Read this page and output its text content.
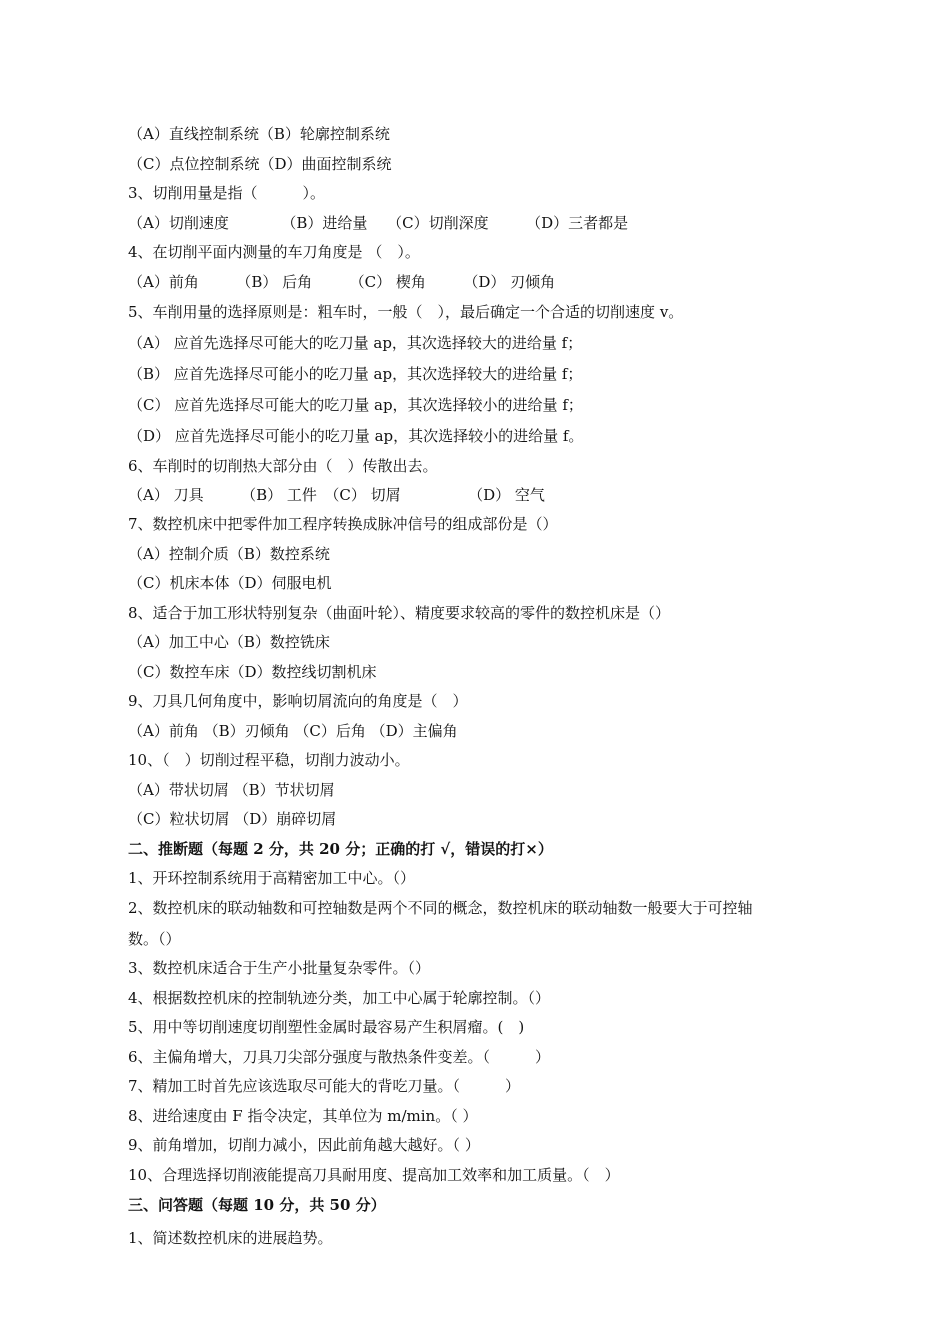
（A）直线控制系统（B）轮廓控制系统
（C）点位控制系统（D）曲面控制系统
3、切削用量是指（　　　）。
（A）切削速度　　　　（B）进给量　 （C）切削深度　　　（D）三者都是
4、在切削平面内测量的车刀角度是 （　）。
（A）前角　　　（B） 后角　　　（C） 楔角　　　（D） 刃倾角
5、车削用量的选择原则是：粗车时，一般（　），最后确定一个合适的切削速度 v。
（A） 应首先选择尽可能大的吃刀量 ap，其次选择较大的进给量 f；
（B） 应首先选择尽可能小的吃刀量 ap，其次选择较大的进给量 f；
（C） 应首先选择尽可能大的吃刀量 ap，其次选择较小的进给量 f；
（D） 应首先选择尽可能小的吃刀量 ap，其次选择较小的进给量 f。
6、车削时的切削热大部分由（　）传散出去。
（A） 刀具　　　（B） 工件　（C） 切屑　　　　　（D） 空气
7、数控机床中把零件加工程序转换成脉冲信号的组成部份是（）
（A）控制介质（B）数控系统
（C）机床本体（D）伺服电机
8、适合于加工形状特别复杂（曲面叶轮）、精度要求较高的零件的数控机床是（）
（A）加工中心（B）数控铣床
（C）数控车床（D）数控线切割机床
9、刀具几何角度中，影响切屑流向的角度是（　）
（A）前角 （B）刃倾角 （C）后角 （D）主偏角
10、（　）切削过程平稳，切削力波动小。
（A）带状切屑 （B）节状切屑
（C）粒状切屑 （D）崩碎切屑
二、推断题（每题 2 分，共 20 分；正确的打 √，错误的打×）
1、开环控制系统用于高精密加工中心。（）
2、数控机床的联动轴数和可控轴数是两个不同的概念，数控机床的联动轴数一般要大于可控轴
数。（）
3、数控机床适合于生产小批量复杂零件。（）
4、根据数控机床的控制轨迹分类，加工中心属于轮廓控制。（）
5、用中等切削速度切削塑性金属时最容易产生积屑瘤。(　)
6、主偏角增大，刀具刀尖部分强度与散热条件变差。（　　　）
7、精加工时首先应该选取尽可能大的背吃刀量。（　　　）
8、进给速度由 F 指令决定，其单位为 m/min。（ ）
9、前角增加，切削力减小，因此前角越大越好。（ ）
10、合理选择切削液能提高刀具耐用度、提高加工效率和加工质量。（　）
三、问答题（每题 10 分，共 50 分）
1、简述数控机床的进展趋势。
